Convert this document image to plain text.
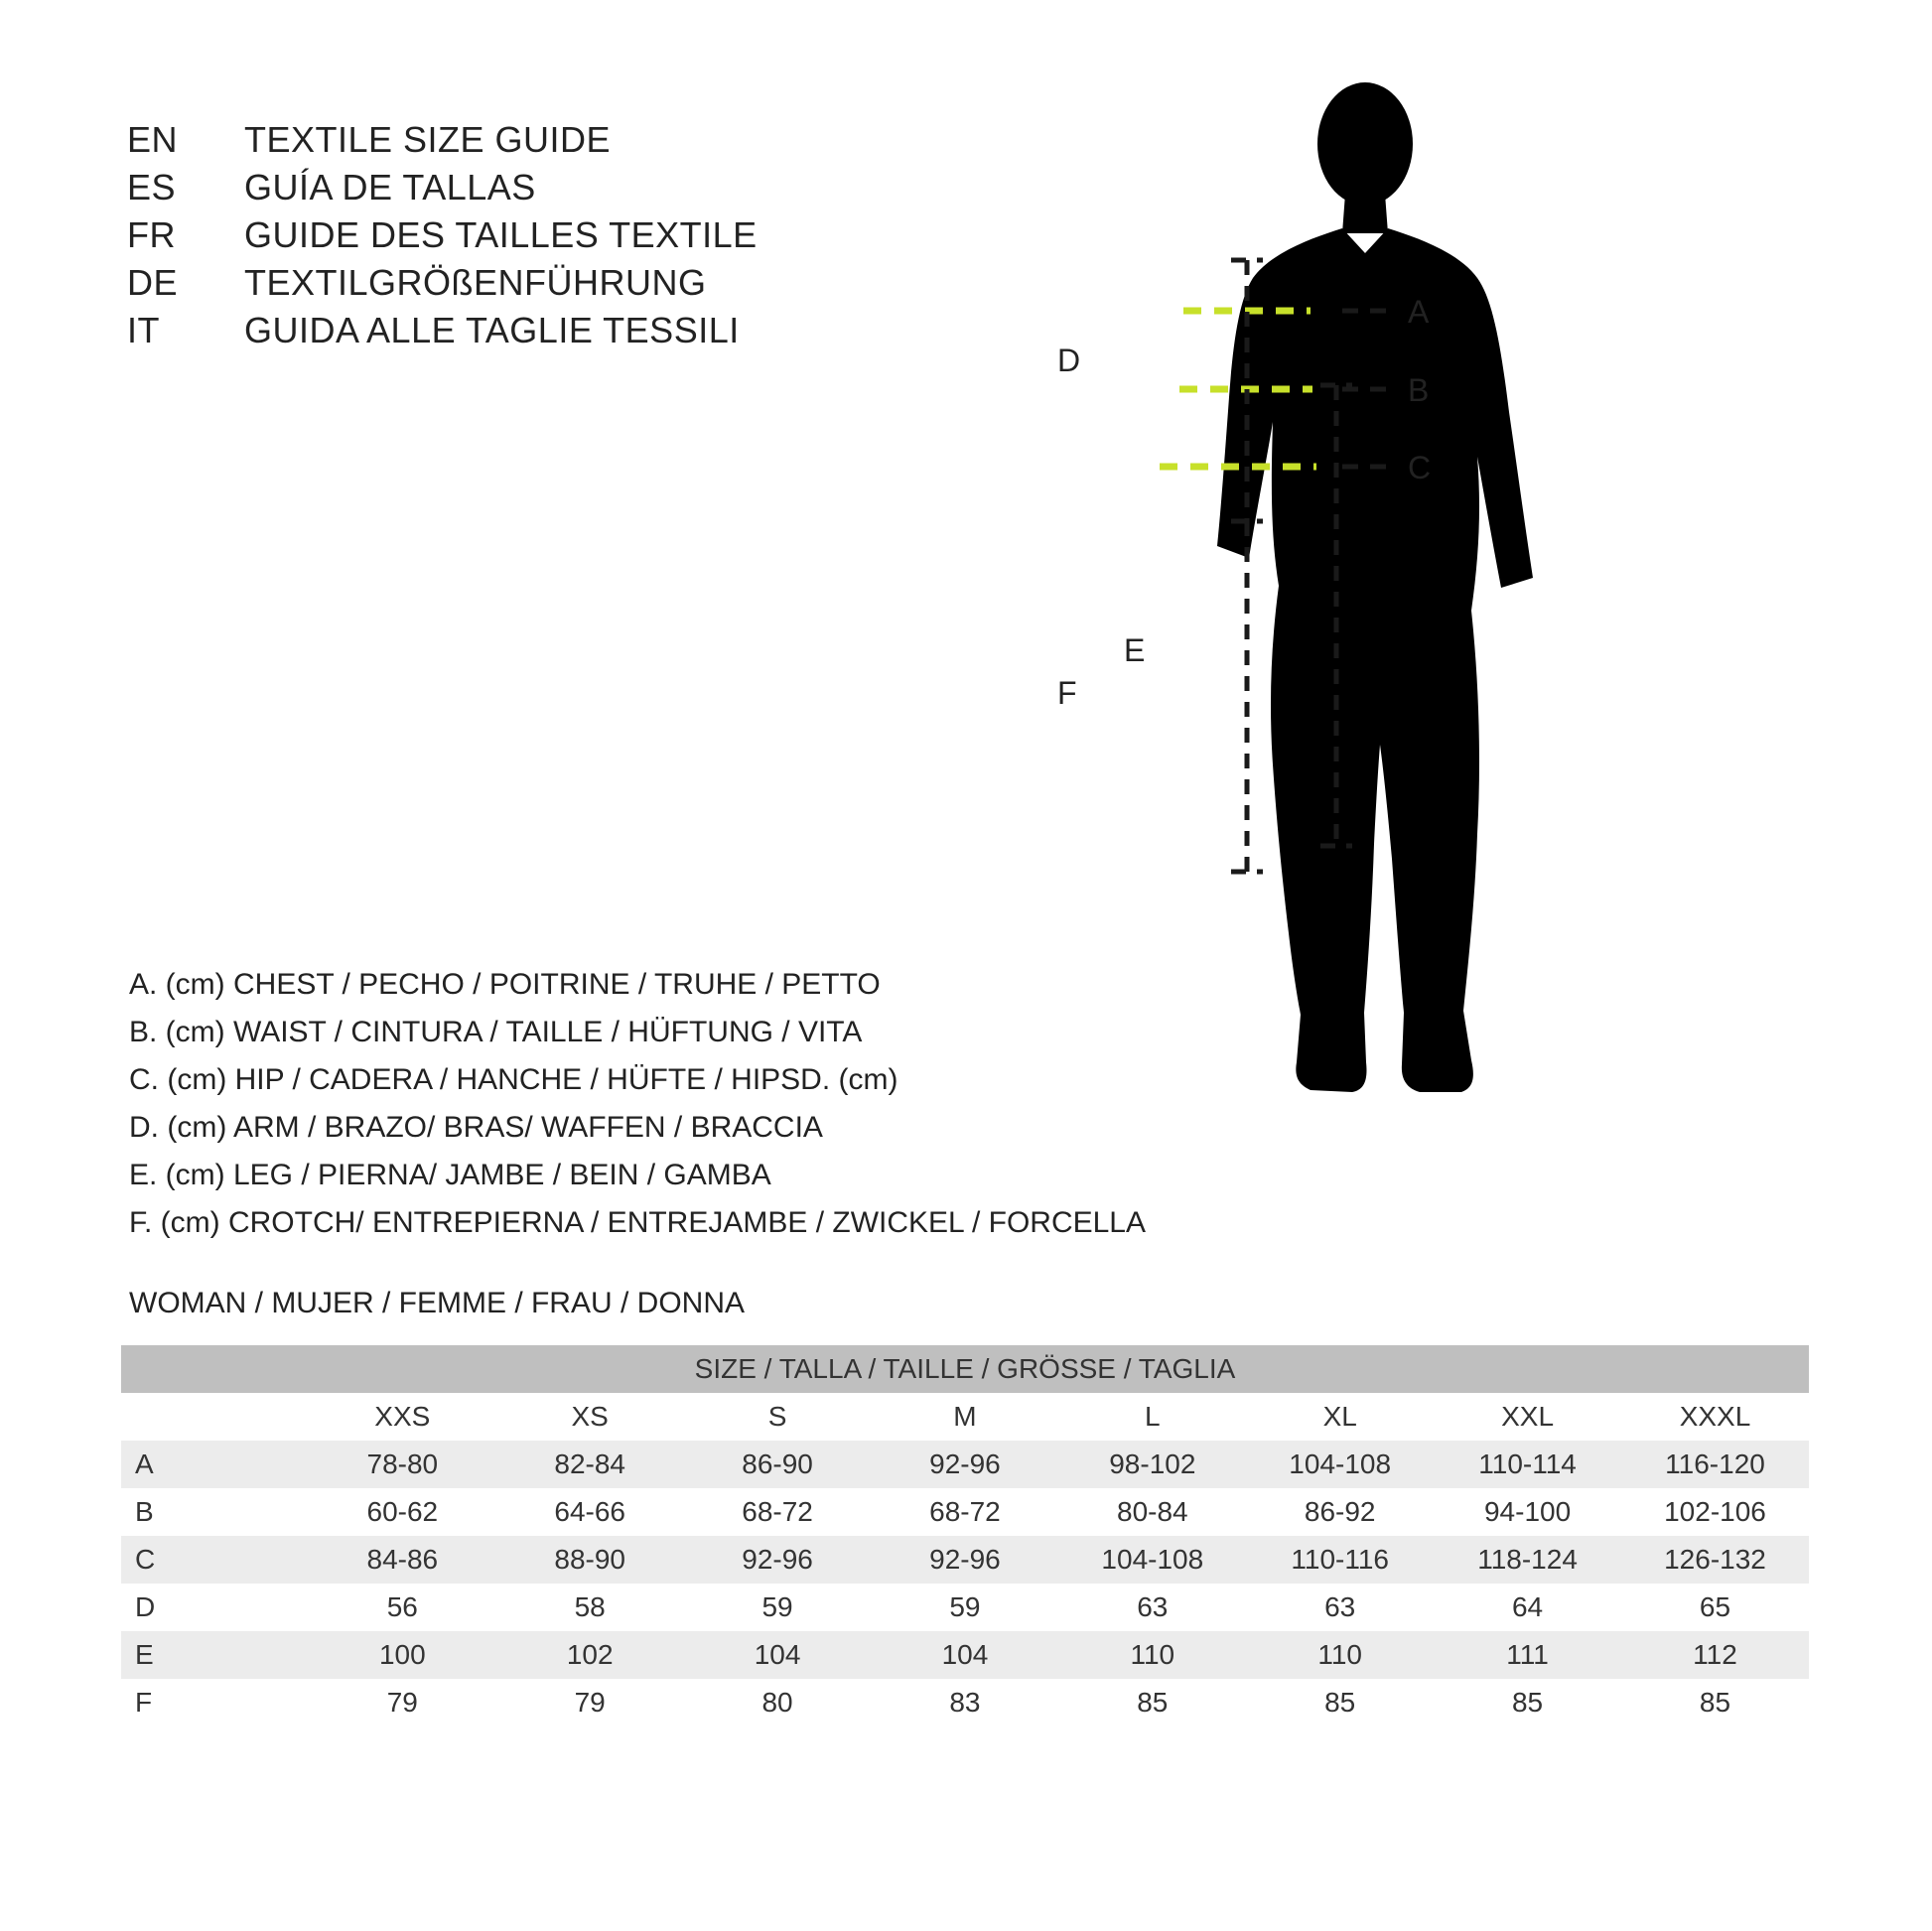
EN	TEXTILE SIZE GUIDE
ES	GUÍA DE TALLAS
FR	GUIDE DES TAILLES TEXTILE
DE	TEXTILGRÖßENFÜHRUNG
IT	GUIDA ALLE TAGLIE TESSILI	A
B
C
D
E
F
A. (cm) CHEST / PECHO / POITRINE / TRUHE / PETTO
B. (cm) WAIST / CINTURA / TAILLE / HÜFTUNG / VITA
C. (cm) HIP / CADERA / HANCHE / HÜFTE / HIPSD. (cm)
D. (cm) ARM / BRAZO/ BRAS/ WAFFEN / BRACCIA
E. (cm) LEG / PIERNA/ JAMBE / BEIN / GAMBA
F. (cm) CROTCH/ ENTREPIERNA / ENTREJAMBE / ZWICKEL / FORCELLA
WOMAN / MUJER / FEMME / FRAU / DONNA
SIZE / TALLA / TAILLE / GRÖSSE / TAGLIA								
	XXS	XS	S	M	L	XL	XXL	XXXL
A	78-80	82-84	86-90	92-96	98-102	104-108	110-114	116-120
B	60-62	64-66	68-72	68-72	80-84	86-92	94-100	102-106
C	84-86	88-90	92-96	92-96	104-108	110-116	118-124	126-132
D	56	58	59	59	63	63	64	65
E	100	102	104	104	110	110	111	112
F	79	79	80	83	85	85	85	85
